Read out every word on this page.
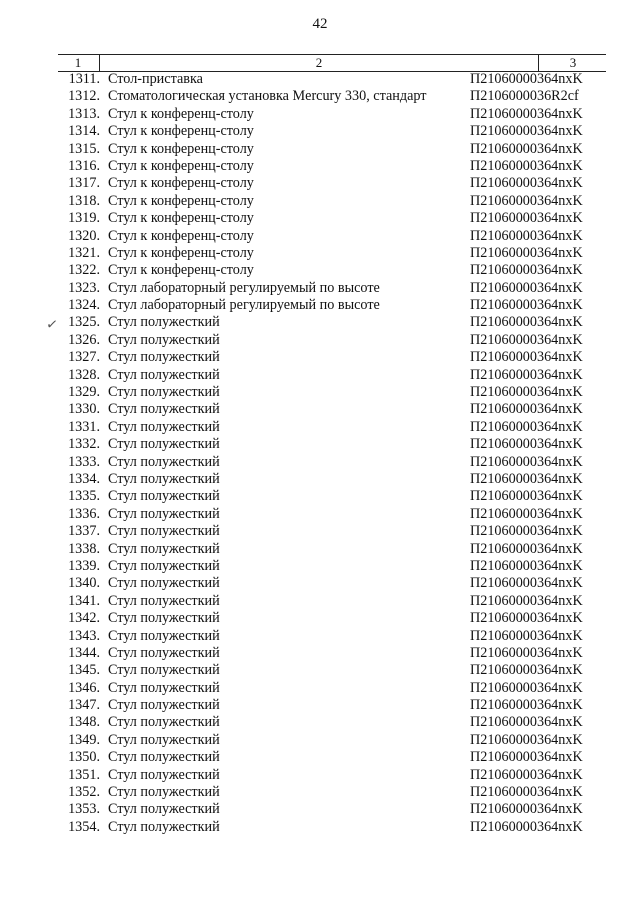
42
1	2	3
1311. Стол-приставка	П21060000364nxK
1312. Стоматологическая установка Mercury 330, стандарт	П2106000036R2cf
1313. Стул к конференц-столу	П21060000364nxK
1314. Стул к конференц-столу	П21060000364nxK
1315. Стул к конференц-столу	П21060000364nxK
1316. Стул к конференц-столу	П21060000364nxK
1317. Стул к конференц-столу	П21060000364nxK
1318. Стул к конференц-столу	П21060000364nxK
1319. Стул к конференц-столу	П21060000364nxK
1320. Стул к конференц-столу	П21060000364nxK
1321. Стул к конференц-столу	П21060000364nxK
1322. Стул к конференц-столу	П21060000364nxK
1323. Стул лабораторный регулируемый по высоте	П21060000364nxK
1324. Стул лабораторный регулируемый по высоте	П21060000364nxK
1325. Стул полужесткий	П21060000364nxK
1326. Стул полужесткий	П21060000364nxK
1327. Стул полужесткий	П21060000364nxK
1328. Стул полужесткий	П21060000364nxK
1329. Стул полужесткий	П21060000364nxK
1330. Стул полужесткий	П21060000364nxK
1331. Стул полужесткий	П21060000364nxK
1332. Стул полужесткий	П21060000364nxK
1333. Стул полужесткий	П21060000364nxK
1334. Стул полужесткий	П21060000364nxK
1335. Стул полужесткий	П21060000364nxK
1336. Стул полужесткий	П21060000364nxK
1337. Стул полужесткий	П21060000364nxK
1338. Стул полужесткий	П21060000364nxK
1339. Стул полужесткий	П21060000364nxK
1340. Стул полужесткий	П21060000364nxK
1341. Стул полужесткий	П21060000364nxK
1342. Стул полужесткий	П21060000364nxK
1343. Стул полужесткий	П21060000364nxK
1344. Стул полужесткий	П21060000364nxK
1345. Стул полужесткий	П21060000364nxK
1346. Стул полужесткий	П21060000364nxK
1347. Стул полужесткий	П21060000364nxK
1348. Стул полужесткий	П21060000364nxK
1349. Стул полужесткий	П21060000364nxK
1350. Стул полужесткий	П21060000364nxK
1351. Стул полужесткий	П21060000364nxK
1352. Стул полужесткий	П21060000364nxK
1353. Стул полужесткий	П21060000364nxK
1354. Стул полужесткий	П21060000364nxK
✓
